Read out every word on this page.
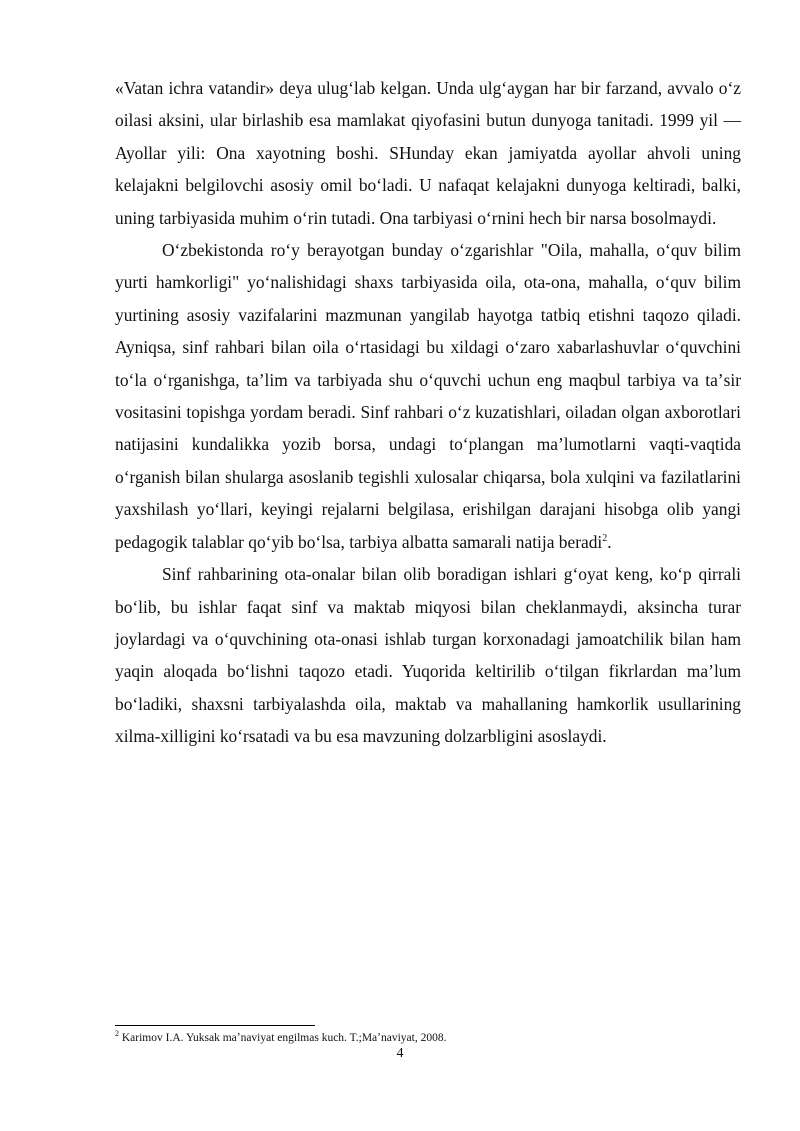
«Vatan ichra vatandir» deya ulugʻlab kelgan. Unda ulgʻaygan har bir farzand, avvalo oʻz oilasi aksini, ular birlashib esa mamlakat qiyofasini butun dunyoga tanitadi. 1999 yil — Ayollar yili: Ona xayotning boshi. SHunday ekan jamiyatda ayollar ahvoli uning kelajakni belgilovchi asosiy omil boʻladi. U nafaqat kelajakni dunyoga keltiradi, balki, uning tarbiyasida muhim oʻrin tutadi. Ona tarbiyasi oʻrnini hech bir narsa bosolmaydi.

Oʻzbekistonda roʻy berayotgan bunday oʻzgarishlar "Oila, mahalla, oʻquv bilim yurti hamkorligi" yoʻnalishidagi shaxs tarbiyasida oila, ota-ona, mahalla, oʻquv bilim yurtining asosiy vazifalarini mazmunan yangilab hayotga tatbiq etishni taqozo qiladi. Ayniqsa, sinf rahbari bilan oila oʻrtasidagi bu xildagi oʻzaro xabarlashuvlar oʻquvchini toʻla oʻrganishga, taʼlim va tarbiyada shu oʻquvchi uchun eng maqbul tarbiya va taʼsir vositasini topishga yordam beradi. Sinf rahbari oʻz kuzatishlari, oiladan olgan axborotlari natijasini kundalikka yozib borsa, undagi toʻplangan maʼlumotlarni vaqti-vaqtida oʻrganish bilan shularga asoslanib tegishli xulosalar chiqarsa, bola xulqini va fazilatlarini yaxshilash yoʻllari, keyingi rejalarni belgilasa, erishilgan darajani hisobga olib yangi pedagogik talablar qoʻyib boʻlsa, tarbiya albatta samarali natija beradi$^2$.

Sinf rahbarining ota-onalar bilan olib boradigan ishlari gʻoyat keng, koʻp qirrali boʻlib, bu ishlar faqat sinf va maktab miqyosi bilan cheklanmaydi, aksincha turar joylardagi va oʻquvchining ota-onasi ishlab turgan korxonadagi jamoatchilik bilan ham yaqin aloqada boʻlishni taqozo etadi. Yuqorida keltirilib oʻtilgan fikrlardan maʼlum boʻladiki, shaxsni tarbiyalashda oila, maktab va mahallaning hamkorlik usullarining xilma-xilligini koʻrsatadi va bu esa mavzuning dolzarbligini asoslaydi.

$^2$ Karimov I.A. Yuksak maʼnaviyat engilmas kuch. T.;Maʼnaviyat, 2008.
4
